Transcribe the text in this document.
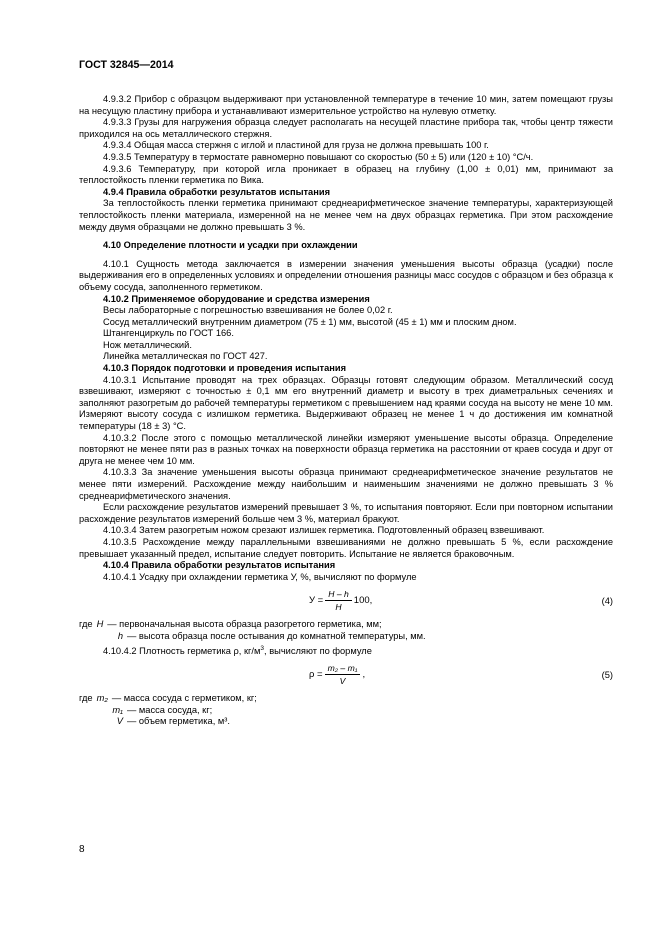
ГОСТ 32845—2014

4.9.3.2 Прибор с образцом выдерживают при установленной температуре в течение 10 мин, затем помещают грузы на несущую пластину прибора и устанавливают измерительное устройство на нулевую отметку.

4.9.3.3 Грузы для нагружения образца следует располагать на несущей пластине прибора так, чтобы центр тяжести приходился на ось металлического стержня.

4.9.3.4 Общая масса стержня с иглой и пластиной для груза не должна превышать 100 г.

4.9.3.5 Температуру в термостате равномерно повышают со скоростью (50 ± 5) или (120 ± 10) °С/ч.

4.9.3.6 Температуру, при которой игла проникает в образец на глубину (1,00 ± 0,01) мм, принимают за теплостойкость пленки герметика по Вика.

4.9.4 Правила обработки результатов испытания

За теплостойкость пленки герметика принимают среднеарифметическое значение температуры, характеризующей теплостойкость пленки материала, измеренной на не менее чем на двух образцах герметика. При этом расхождение между двумя образцами не должно превышать 3 %.

4.10 Определение плотности и усадки при охлаждении

4.10.1 Сущность метода заключается в измерении значения уменьшения высоты образца (усадки) после выдерживания его в определенных условиях и определении отношения разницы масс сосудов с образцом и без образца к объему сосуда, заполненного герметиком.

4.10.2 Применяемое оборудование и средства измерения

Весы лабораторные с погрешностью взвешивания не более 0,02 г.

Сосуд металлический внутренним диаметром (75 ± 1) мм, высотой (45 ± 1) мм и плоским дном.

Штангенциркуль по ГОСТ 166.

Нож металлический.

Линейка металлическая по ГОСТ 427.

4.10.3 Порядок подготовки и проведения испытания

4.10.3.1 Испытание проводят на трех образцах. Образцы готовят следующим образом. Металлический сосуд взвешивают, измеряют с точностью ± 0,1 мм его внутренний диаметр и высоту в трех диаметральных сечениях и заполняют разогретым до рабочей температуры герметиком с превышением над краями сосуда на высоту не мене 10 мм. Измеряют высоту сосуда с излишком герметика. Выдерживают образец не менее 1 ч до достижения им комнатной температуры (18 ± 3) °С.

4.10.3.2 После этого с помощью металлической линейки измеряют уменьшение высоты образца. Определение повторяют не менее пяти раз в разных точках на поверхности образца герметика на расстоянии от краев сосуда и друг от друга не менее чем 10 мм.

4.10.3.3 За значение уменьшения высоты образца принимают среднеарифметическое значение результатов не менее пяти измерений. Расхождение между наибольшим и наименьшим значениями не должно превышать 3 % среднеарифметического значения.

Если расхождение результатов измерений превышает 3 %, то испытания повторяют. Если при повторном испытании расхождение результатов измерений больше чем 3 %, материал бракуют.

4.10.3.4 Затем разогретым ножом срезают излишек герметика. Подготовленный образец взвешивают.

4.10.3.5 Расхождение между параллельными взвешиваниями не должно превышать 5 %, если расхождение превышает указанный предел, испытание следует повторить. Испытание не является браковочным.

4.10.4 Правила обработки результатов испытания

4.10.4.1 Усадку при охлаждении герметика У, %, вычисляют по формуле

$У = \frac{H - h}{H} 100$,	(4)
где H — первоначальная высота образца разогретого герметика, мм;
h — высота образца после остывания до комнатной температуры, мм.

4.10.4.2 Плотность герметика ρ, $кг/м^3$, вычисляют по формуле

$\rho = \frac{\text{m₂ – m₁}}{V}$ ,	(5)
где m₂ — масса сосуда с герметиком, кг;
m₁ — масса сосуда, кг;
V — объем герметика, м³.
8
